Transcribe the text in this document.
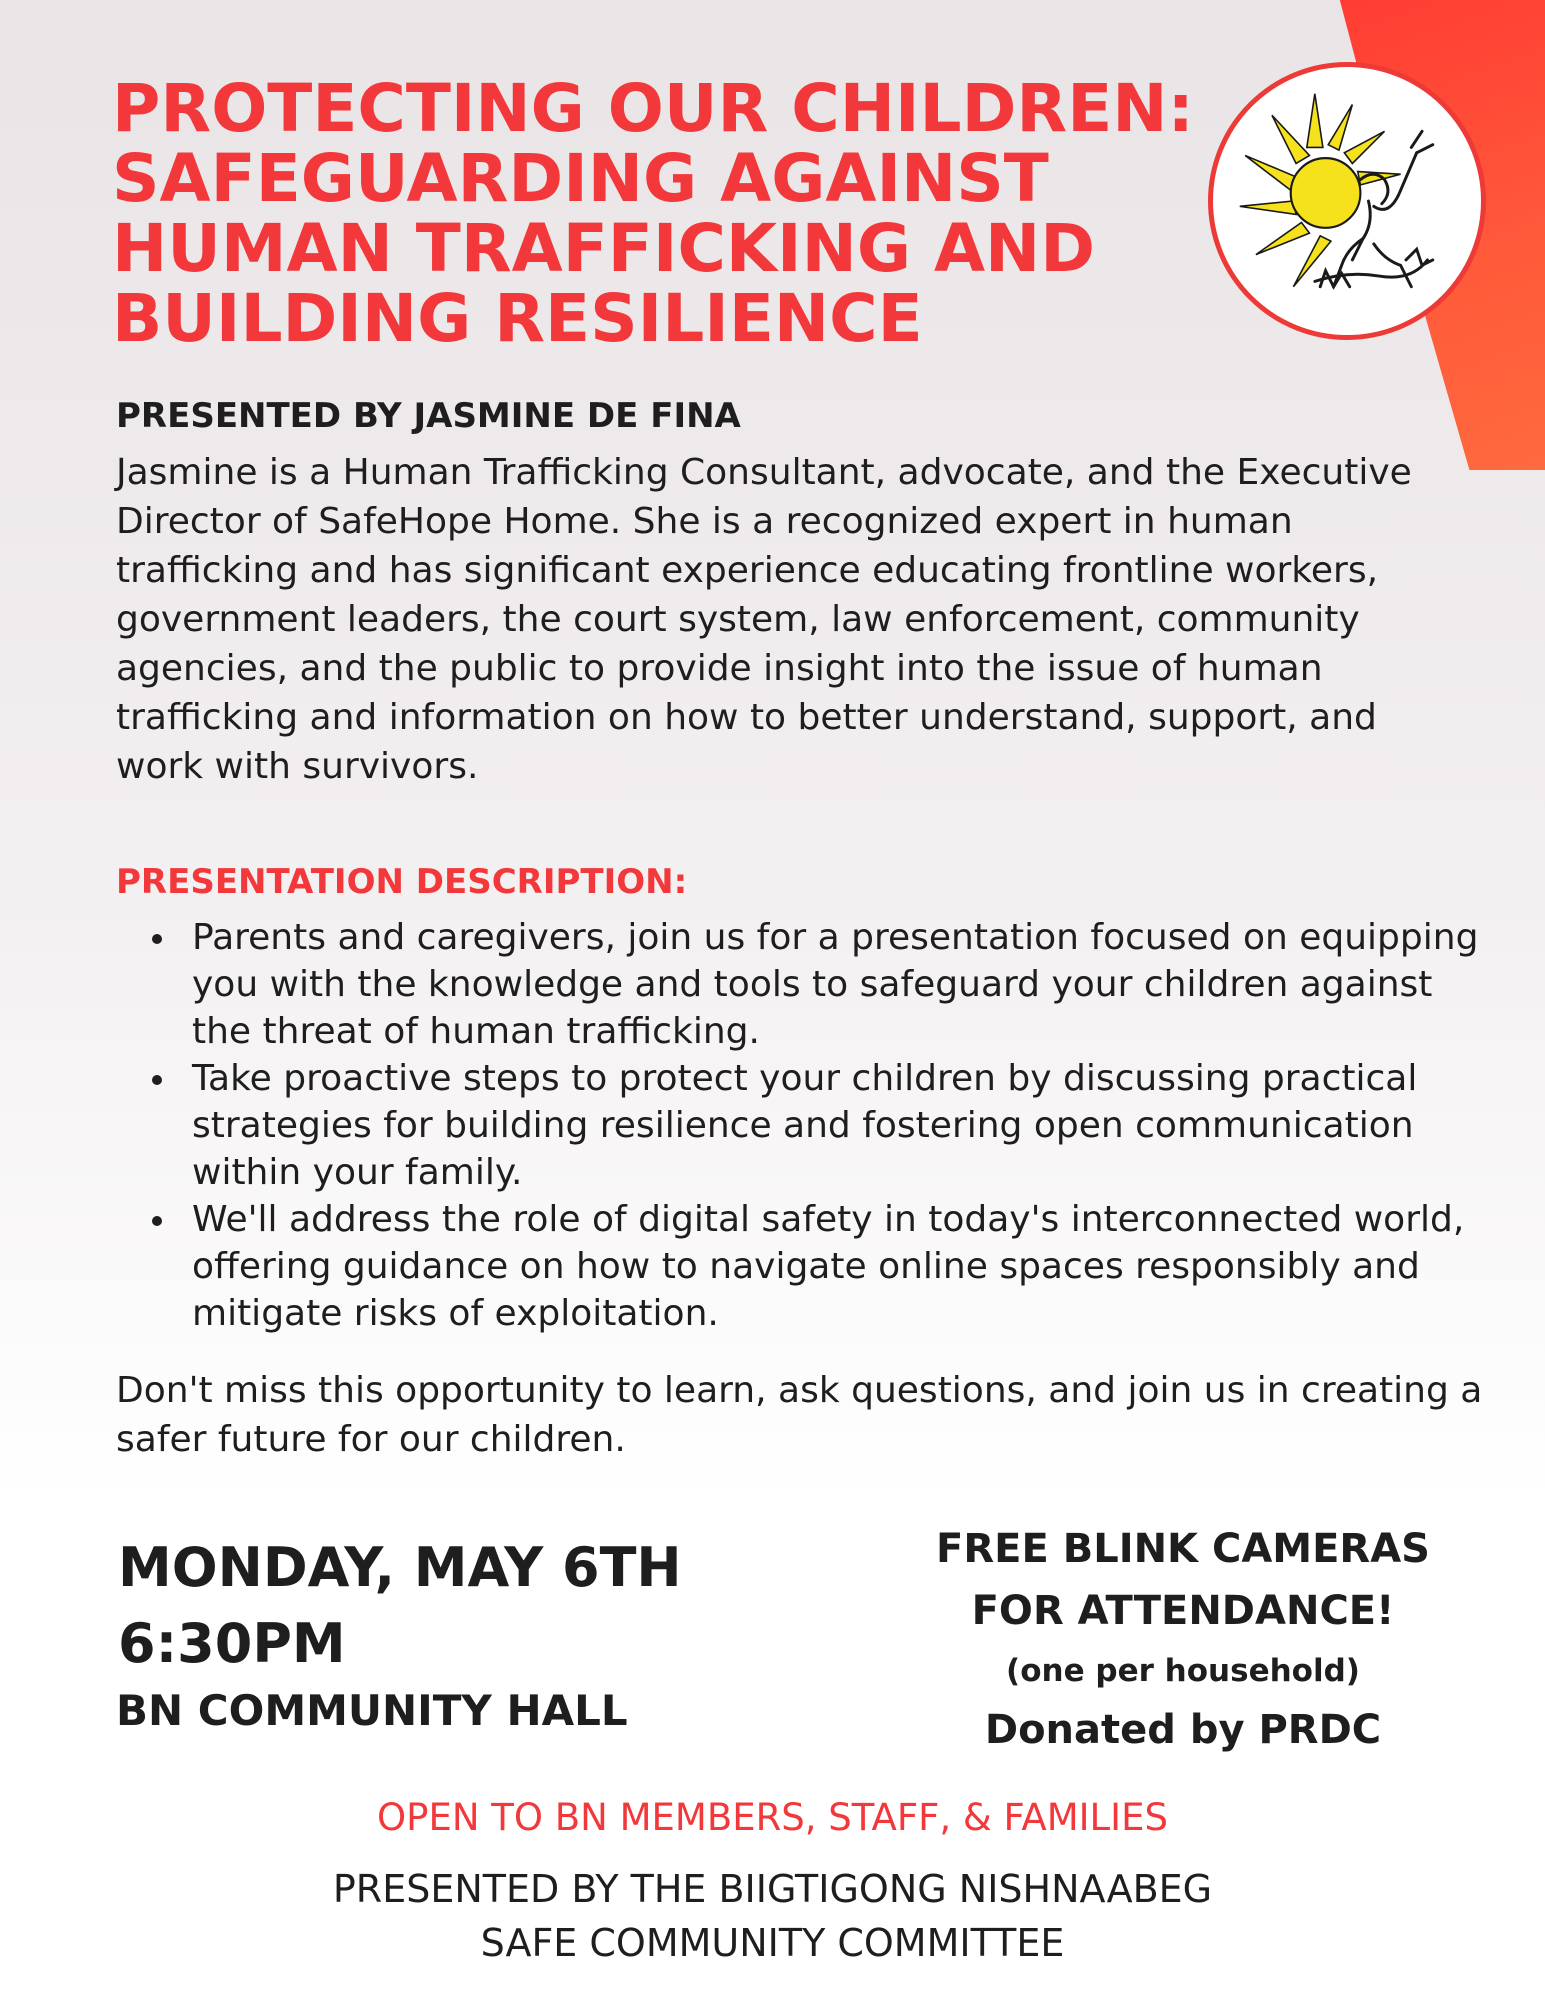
PROTECTING OUR CHILDREN: SAFEGUARDING AGAINST HUMAN TRAFFICKING AND BUILDING RESILIENCE
PRESENTED BY JASMINE DE FINA

Jasmine is a Human Trafficking Consultant, advocate, and the Executive Director of SafeHope Home. She is a recognized expert in human trafficking and has significant experience educating frontline workers, government leaders, the court system, law enforcement, community agencies, and the public to provide insight into the issue of human trafficking and information on how to better understand, support, and work with survivors.

PRESENTATION DESCRIPTION:
Parents and caregivers, join us for a presentation focused on equipping you with the knowledge and tools to safeguard your children against the threat of human trafficking.
Take proactive steps to protect your children by discussing practical strategies for building resilience and fostering open communication within your family.
We'll address the role of digital safety in today's interconnected world, offering guidance on how to navigate online spaces responsibly and mitigate risks of exploitation.

Don't miss this opportunity to learn, ask questions, and join us in creating a safer future for our children.

MONDAY, MAY 6TH
6:30PM
BN COMMUNITY HALL
FREE BLINK CAMERAS
FOR ATTENDANCE!
(one per household)
Donated by PRDC

OPEN TO BN MEMBERS, STAFF, & FAMILIES

PRESENTED BY THE BIIGTIGONG NISHNAABEG
SAFE COMMUNITY COMMITTEE
